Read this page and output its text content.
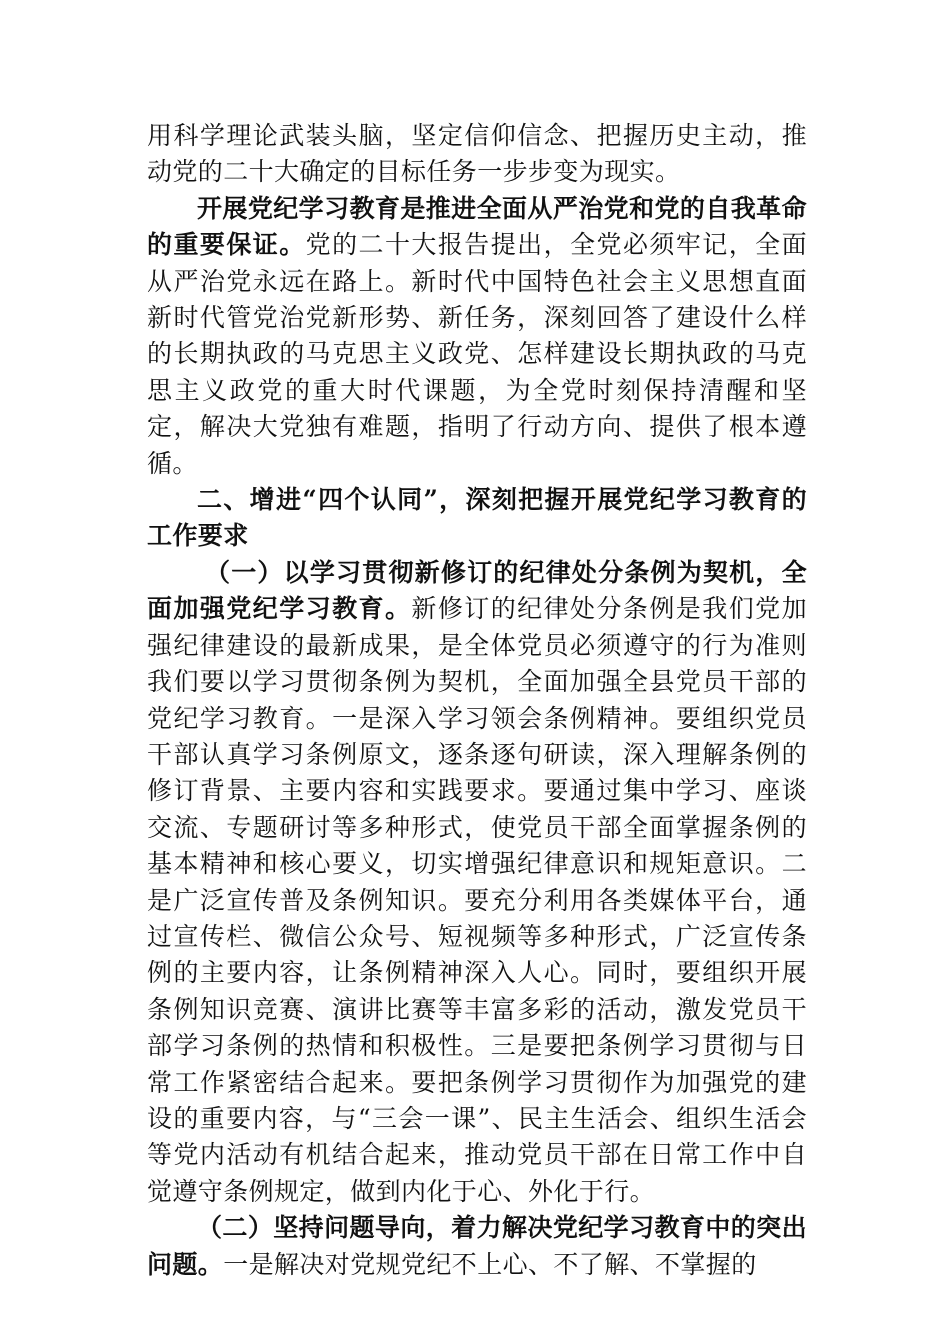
用科学理论武装头脑，坚定信仰信念、把握历史主动，推动党的二十大确定的目标任务一步步变为现实。

开展党纪学习教育是推进全面从严治党和党的自我革命的重要保证。党的二十大报告提出，全党必须牢记，全面从严治党永远在路上。新时代中国特色社会主义思想直面新时代管党治党新形势、新任务，深刻回答了建设什么样的长期执政的马克思主义政党、怎样建设长期执政的马克思主义政党的重大时代课题，为全党时刻保持清醒和坚定，解决大党独有难题，指明了行动方向、提供了根本遵循。

二、增进“四个认同”，深刻把握开展党纪学习教育的工作要求

（一）以学习贯彻新修订的纪律处分条例为契机，全面加强党纪学习教育。新修订的纪律处分条例是我们党加强纪律建设的最新成果，是全体党员必须遵守的行为准则我们要以学习贯彻条例为契机，全面加强全县党员干部的党纪学习教育。一是深入学习领会条例精神。要组织党员干部认真学习条例原文，逐条逐句研读，深入理解条例的修订背景、主要内容和实践要求。要通过集中学习、座谈交流、专题研讨等多种形式，使党员干部全面掌握条例的基本精神和核心要义，切实增强纪律意识和规矩意识。二是广泛宣传普及条例知识。要充分利用各类媒体平台，通过宣传栏、微信公众号、短视频等多种形式，广泛宣传条例的主要内容，让条例精神深入人心。同时，要组织开展条例知识竞赛、演讲比赛等丰富多彩的活动，激发党员干部学习条例的热情和积极性。三是要把条例学习贯彻与日常工作紧密结合起来。要把条例学习贯彻作为加强党的建设的重要内容，与“三会一课”、民主生活会、组织生活会等党内活动有机结合起来，推动党员干部在日常工作中自觉遵守条例规定，做到内化于心、外化于行。

（二）坚持问题导向，着力解决党纪学习教育中的突出问题。一是解决对党规党纪不上心、不了解、不掌握的
